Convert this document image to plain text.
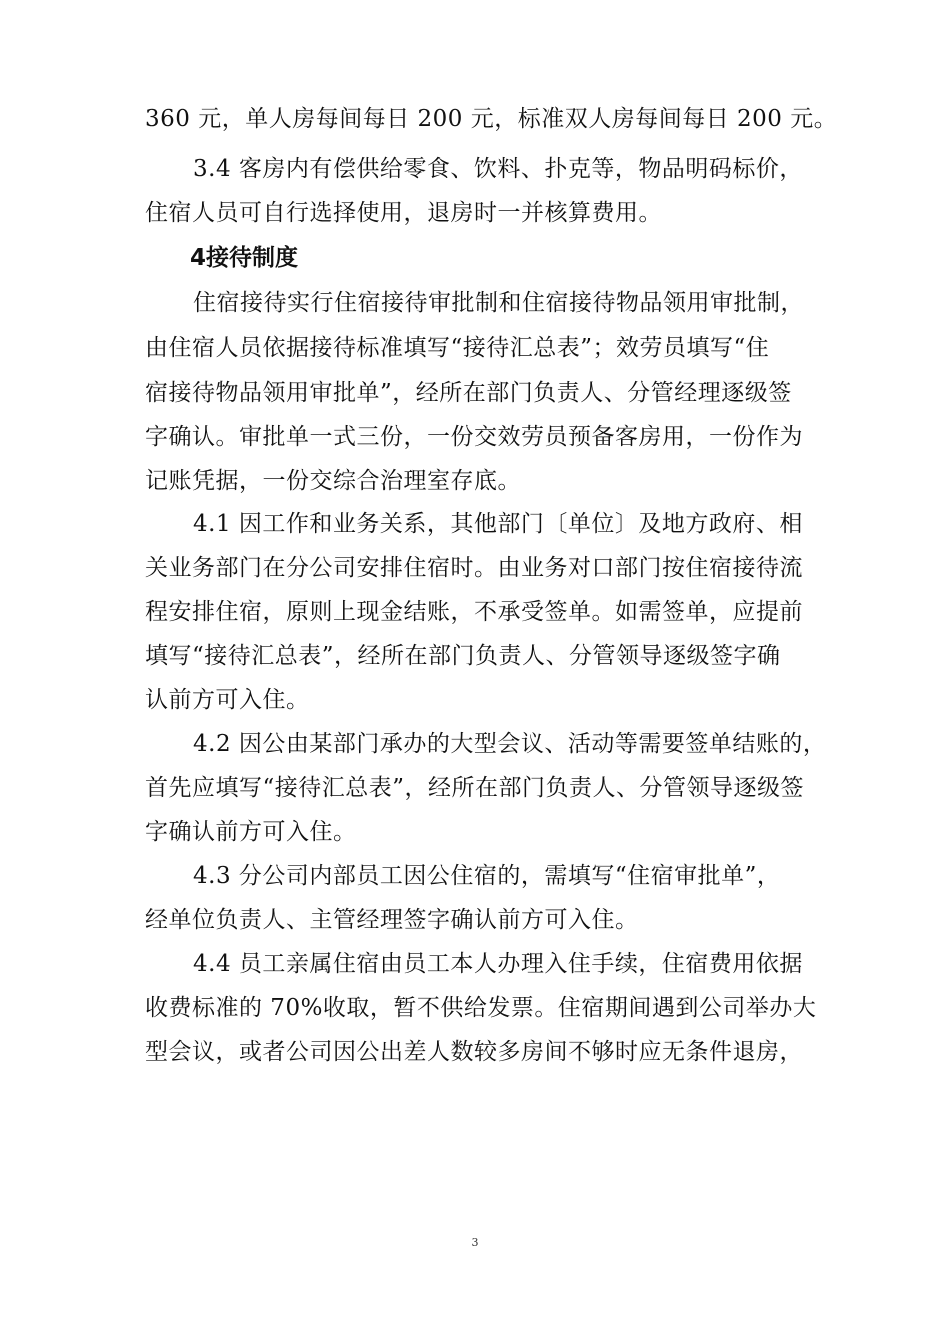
360 元，单人房每间每日 200 元，标准双人房每间每日 200 元。
3.4 客房内有偿供给零食、饮料、扑克等，物品明码标价，
住宿人员可自行选择使用，退房时一并核算费用。
4接待制度
住宿接待实行住宿接待审批制和住宿接待物品领用审批制，
由住宿人员依据接待标准填写“接待汇总表”；效劳员填写“住
宿接待物品领用审批单”，经所在部门负责人、分管经理逐级签
字确认。审批单一式三份，一份交效劳员预备客房用，一份作为
记账凭据，一份交综合治理室存底。
4.1 因工作和业务关系，其他部门〔单位〕及地方政府、相
关业务部门在分公司安排住宿时。由业务对口部门按住宿接待流
程安排住宿，原则上现金结账，不承受签单。如需签单，应提前
填写“接待汇总表”，经所在部门负责人、分管领导逐级签字确
认前方可入住。
4.2 因公由某部门承办的大型会议、活动等需要签单结账的，
首先应填写“接待汇总表”，经所在部门负责人、分管领导逐级签
字确认前方可入住。
4.3 分公司内部员工因公住宿的，需填写“住宿审批单”，
经单位负责人、主管经理签字确认前方可入住。
4.4 员工亲属住宿由员工本人办理入住手续，住宿费用依据
收费标准的 70%收取，暂不供给发票。住宿期间遇到公司举办大
型会议，或者公司因公出差人数较多房间不够时应无条件退房，
3
